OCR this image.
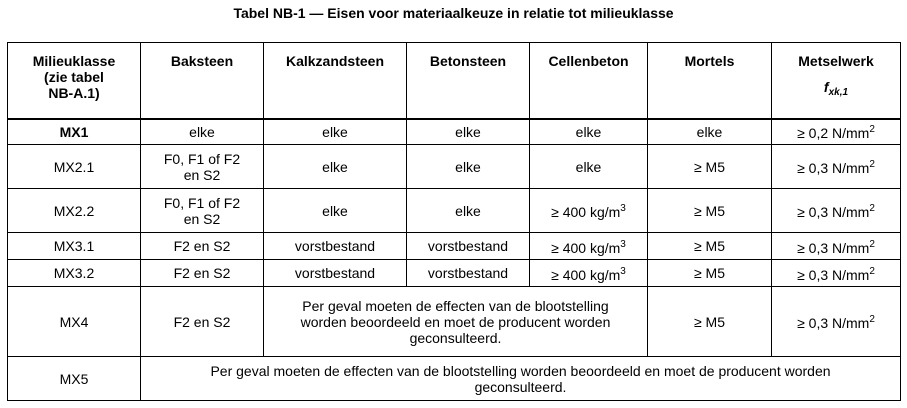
Tabel NB-1 — Eisen voor materiaalkeuze in relatie tot milieuklasse
Milieuklasse
(zie tabel
NB-A.1)	Baksteen	Kalkzandsteen	Betonsteen	Cellenbeton	Mortels	Metselwerk
$f_{xk,1}$

MX1	elke	elke	elke	elke	elke	≥ 0,2 $N/mm^2$
MX2.1	F0, F1 of F2
en S2	elke	elke	elke	≥ M5	≥ 0,3 $N/mm^2$
MX2.2	F0, F1 of F2
en S2	elke	elke	≥ 400 $kg/m^3$	≥ M5	≥ 0,3 $N/mm^2$
MX3.1	F2 en S2	vorstbestand	vorstbestand	≥ 400 $kg/m^3$	≥ M5	≥ 0,3 $N/mm^2$
MX3.2	F2 en S2	vorstbestand	vorstbestand	≥ 400 $kg/m^3$	≥ M5	≥ 0,3 $N/mm^2$
MX4	F2 en S2	Per geval moeten de effecten van de blootstelling
worden beoordeeld en moet de producent worden
geconsulteerd.			≥ M5	≥ 0,3 $N/mm^2$
MX5	Per geval moeten de effecten van de blootstelling worden beoordeeld en moet de producent worden
geconsulteerd.					
